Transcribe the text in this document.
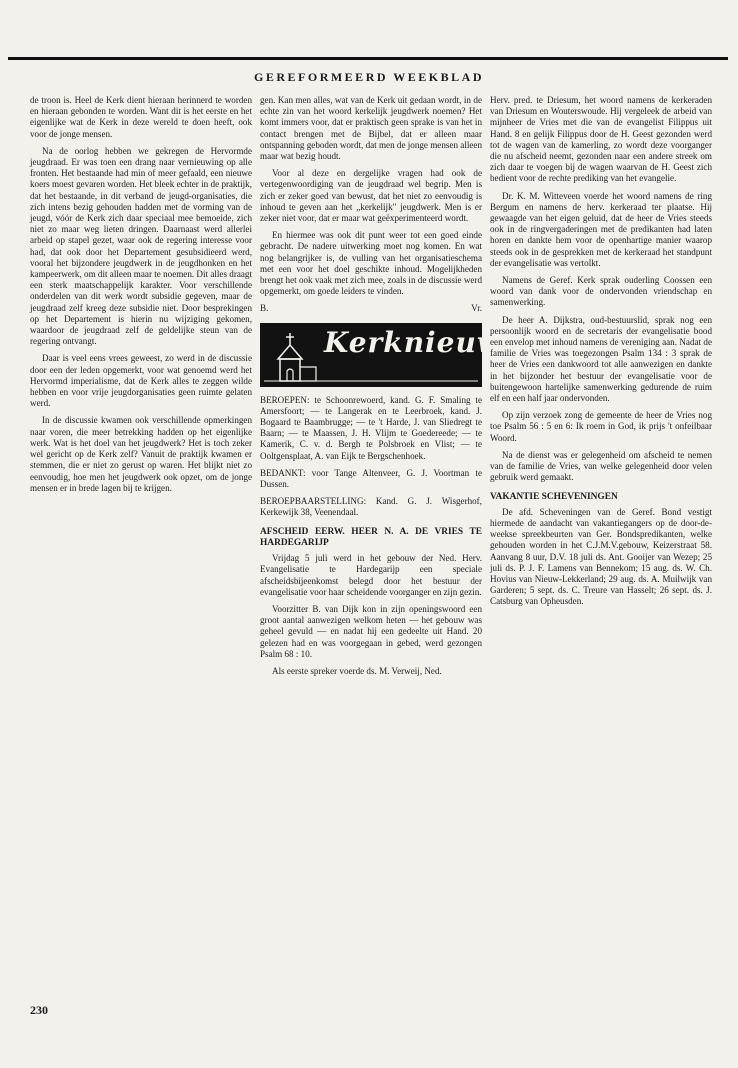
GEREFORMEERD WEEKBLAD

de troon is. Heel de Kerk dient hieraan herinnerd te worden en hieraan gebonden te worden. Want dit is het eerste en het eigenlijke wat de Kerk in deze wereld te doen heeft, ook voor de jonge mensen.

Na de oorlog hebben we gekregen de Hervormde jeugdraad. Er was toen een drang naar vernieuwing op alle fronten. Het bestaande had min of meer gefaald, een nieuwe koers moest gevaren worden. Het bleek echter in de praktijk, dat het bestaande, in dit verband de jeugd-organisaties, die zich intens bezig gehouden hadden met de vorming van de jeugd, vóór de Kerk zich daar speciaal mee bemoeide, zich niet zo maar weg lieten dringen. Daarnaast werd allerlei arbeid op stapel gezet, waar ook de regering interesse voor had, dat ook door het Departement gesubsidieerd werd, vooral het bijzondere jeugdwerk in de jeugdhonken en het kampeerwerk, om dit alleen maar te noemen. Dit alles draagt een sterk maatschappelijk karakter. Voor verschillende onderdelen van dit werk wordt subsidie gegeven, maar de jeugdraad zelf kreeg deze subsidie niet. Door besprekingen op het Departement is hierin nu wijziging gekomen, waardoor de jeugdraad zelf de geldelijke steun van de regering ontvangt.

Daar is veel eens vrees geweest, zo werd in de discussie door een der leden opgemerkt, voor wat genoemd werd het Hervormd imperialisme, dat de Kerk alles te zeggen wilde hebben en voor vrije jeugdorganisaties geen ruimte gelaten werd.

In de discussie kwamen ook verschillende opmerkingen naar voren, die meer betrekking hadden op het eigenlijke werk. Wat is het doel van het jeugdwerk? Het is toch zeker wel gericht op de Kerk zelf? Vanuit de praktijk kwamen er stemmen, die er niet zo gerust op waren. Het blijkt niet zo eenvoudig, hoe men het jeugdwerk ook opzet, om de jonge mensen er in brede lagen bij te krijgen.

gen. Kan men alles, wat van de Kerk uit gedaan wordt, in de echte zin van het woord kerkelijk jeugdwerk noemen? Het komt immers voor, dat er praktisch geen sprake is van het in contact brengen met de Bijbel, dat er alleen maar ontspanning geboden wordt, dat men de jonge mensen alleen maar wat bezig houdt.

Voor al deze en dergelijke vragen had ook de vertegenwoordiging van de jeugdraad wel begrip. Men is zich er zeker goed van bewust, dat het niet zo eenvoudig is inhoud te geven aan het „kerkelijk" jeugdwerk. Men is er zeker niet voor, dat er maar wat geëxperimenteerd wordt.

En hiermee was ook dit punt weer tot een goed einde gebracht. De nadere uitwerking moet nog komen. En wat nog belangrijker is, de vulling van het organisatieschema met een voor het doel geschikte inhoud. Mogelijkheden brengt het ook vaak met zich mee, zoals in de discussie werd opgemerkt, om goede leiders te vinden.

B.	Vr.
Kerknieuws

BEROEPEN: te Schoonrewoerd, kand. G. F. Smaling te Amersfoort; — te Langerak en te Leerbroek, kand. J. Bogaard te Baambrugge; — te 't Harde, J. van Sliedregt te Baarn; — te Maassen, J. H. Vlijm te Goedereede; — te Kamerik, C. v. d. Bergh te Polsbroek en Vlist; — te Ooltgensplaat, A. van Eijk te Bergschenhoek.

BEDANKT: voor Tange Altenveer, G. J. Voortman te Dussen.

BEROEPBAARSTELLING: Kand. G. J. Wisgerhof, Kerkewijk 38, Veenendaal.

AFSCHEID EERW. HEER N. A. DE VRIES TE HARDEGARIJP

Vrijdag 5 juli werd in het gebouw der Ned. Herv. Evangelisatie te Hardegarijp een speciale afscheidsbijeenkomst belegd door het bestuur der evangelisatie voor haar scheidende voorganger en zijn gezin.

Voorzitter B. van Dijk kon in zijn openingswoord een groot aantal aanwezigen welkom heten — het gebouw was geheel gevuld — en nadat hij een gedeelte uit Hand. 20 gelezen had en was voorgegaan in gebed, werd gezongen Psalm 68 : 10.

Als eerste spreker voerde ds. M. Verweij, Ned.

Herv. pred. te Driesum, het woord namens de kerkeraden van Driesum en Wouterswoude. Hij vergeleek de arbeid van mijnheer de Vries met die van de evangelist Filippus uit Hand. 8 en gelijk Filippus door de H. Geest gezonden werd tot de wagen van de kamerling, zo wordt deze voorganger die nu afscheid neemt, gezonden naar een andere streek om zich daar te voegen bij de wagen waarvan de H. Geest zich bedient voor de rechte prediking van het evangelie.

Dr. K. M. Witteveen voerde het woord namens de ring Bergum en namens de herv. kerkeraad ter plaatse. Hij gewaagde van het eigen geluid, dat de heer de Vries steeds ook in de ringvergaderingen met de predikanten had laten horen en dankte hem voor de openhartige manier waarop steeds ook in de gesprekken met de kerkeraad het standpunt der evangelisatie was vertolkt.

Namens de Geref. Kerk sprak ouderling Coossen een woord van dank voor de ondervonden vriendschap en samenwerking.

De heer A. Dijkstra, oud-bestuurslid, sprak nog een persoonlijk woord en de secretaris der evangelisatie bood een envelop met inhoud namens de vereniging aan. Nadat de familie de Vries was toegezongen Psalm 134 : 3 sprak de heer de Vries een dankwoord tot alle aanwezigen en dankte in het bijzonder het bestuur der evangelisatie voor de buitengewoon hartelijke samenwerking gedurende de ruim elf en een half jaar ondervonden.

Op zijn verzoek zong de gemeente de heer de Vries nog toe Psalm 56 : 5 en 6: Ik roem in God, ik prijs 't onfeilbaar Woord.

Na de dienst was er gelegenheid om afscheid te nemen van de familie de Vries, van welke gelegenheid door velen gebruik werd gemaakt.

VAKANTIE SCHEVENINGEN

De afd. Scheveningen van de Geref. Bond vestigt hiermede de aandacht van vakantiegangers op de door-de-weekse spreekbeurten van Ger. Bondspredikanten, welke gehouden worden in het C.J.M.V.gebouw, Keizerstraat 58. Aanvang 8 uur, D.V. 18 juli ds. Ant. Gooijer van Wezep; 25 juli ds. P. J. F. Lamens van Bennekom; 15 aug. ds. W. Ch. Hovius van Nieuw-Lekkerland; 29 aug. ds. A. Muilwijk van Garderen; 5 sept. ds. C. Treure van Hasselt; 26 sept. ds. J. Catsburg van Opheusden.

230
